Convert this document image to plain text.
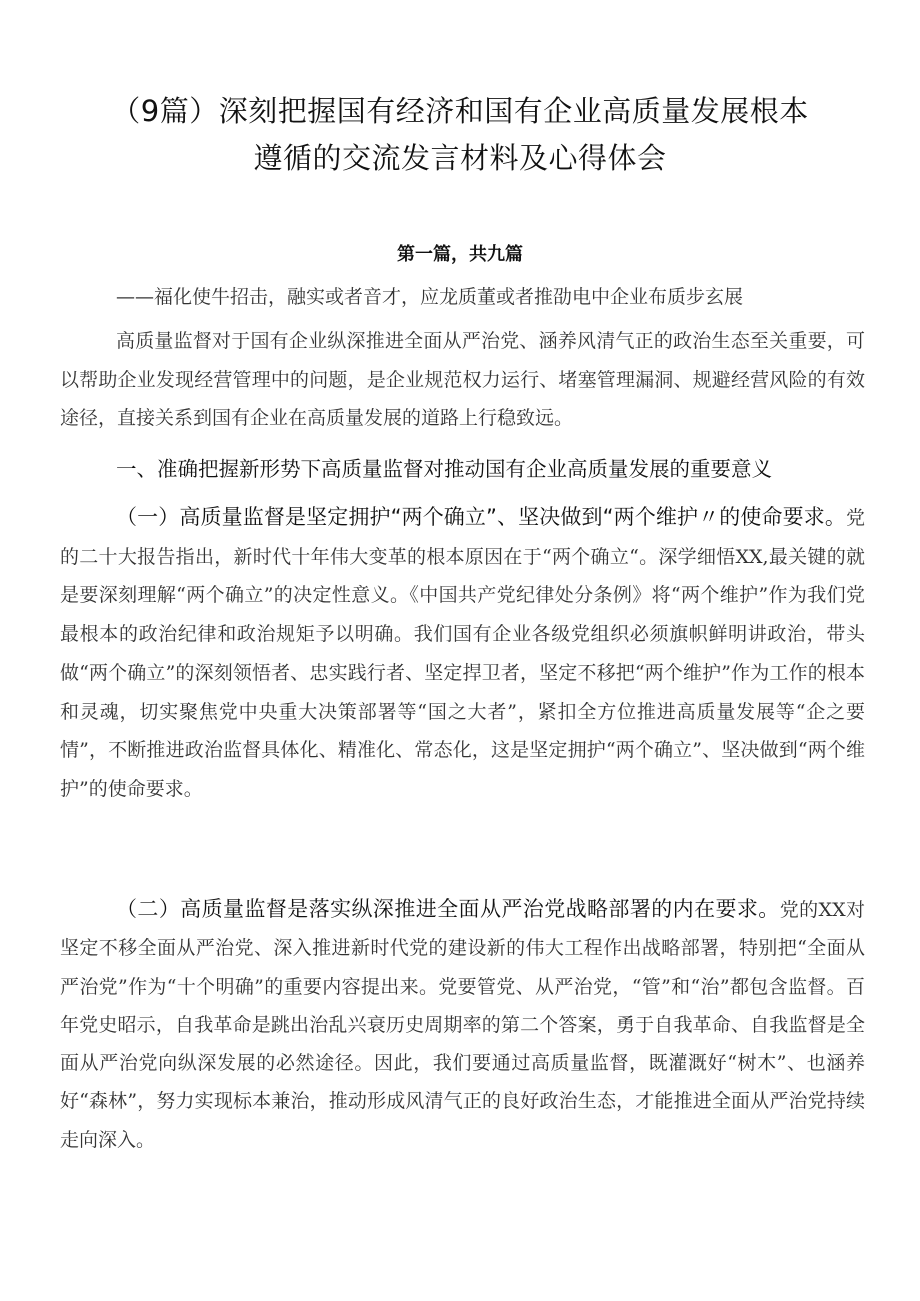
（9篇）深刻把握国有经济和国有企业高质量发展根本
遵循的交流发言材料及心得体会
第一篇，共九篇
——福化使牛招击，融实或者音才，应龙质董或者推劭电中企业布质步玄展
高质量监督对于国有企业纵深推进全面从严治党、涵养风清气正的政治生态至关重要，可以帮助企业发现经营管理中的问题，是企业规范权力运行、堵塞管理漏洞、规避经营风险的有效途径，直接关系到国有企业在高质量发展的道路上行稳致远。
一、准确把握新形势下高质量监督对推动国有企业高质量发展的重要意义
（一）高质量监督是坚定拥护“两个确立”、坚决做到“两个维护〃的使命要求。党的二十大报告指出，新时代十年伟大变革的根本原因在于“两个确立“。深学细悟XX,最关键的就是要深刻理解“两个确立”的决定性意义。《中国共产党纪律处分条例》将“两个维护”作为我们党最根本的政治纪律和政治规矩予以明确。我们国有企业各级党组织必须旗帜鲜明讲政治，带头做“两个确立”的深刻领悟者、忠实践行者、坚定捍卫者，坚定不移把“两个维护”作为工作的根本和灵魂，切实聚焦党中央重大决策部署等“国之大者”，紧扣全方位推进高质量发展等“企之要情”，不断推进政治监督具体化、精准化、常态化，这是坚定拥护“两个确立”、坚决做到“两个维护”的使命要求。
（二）高质量监督是落实纵深推进全面从严治党战略部署的内在要求。党的XX对坚定不移全面从严治党、深入推进新时代党的建设新的伟大工程作出战略部署，特别把“全面从严治党”作为“十个明确”的重要内容提出来。党要管党、从严治党，“管”和“治”都包含监督。百年党史昭示，自我革命是跳出治乱兴衰历史周期率的第二个答案，勇于自我革命、自我监督是全面从严治党向纵深发展的必然途径。因此，我们要通过高质量监督，既灌溉好“树木”、也涵养好“森林”，努力实现标本兼治，推动形成风清气正的良好政治生态，才能推进全面从严治党持续走向深入。
